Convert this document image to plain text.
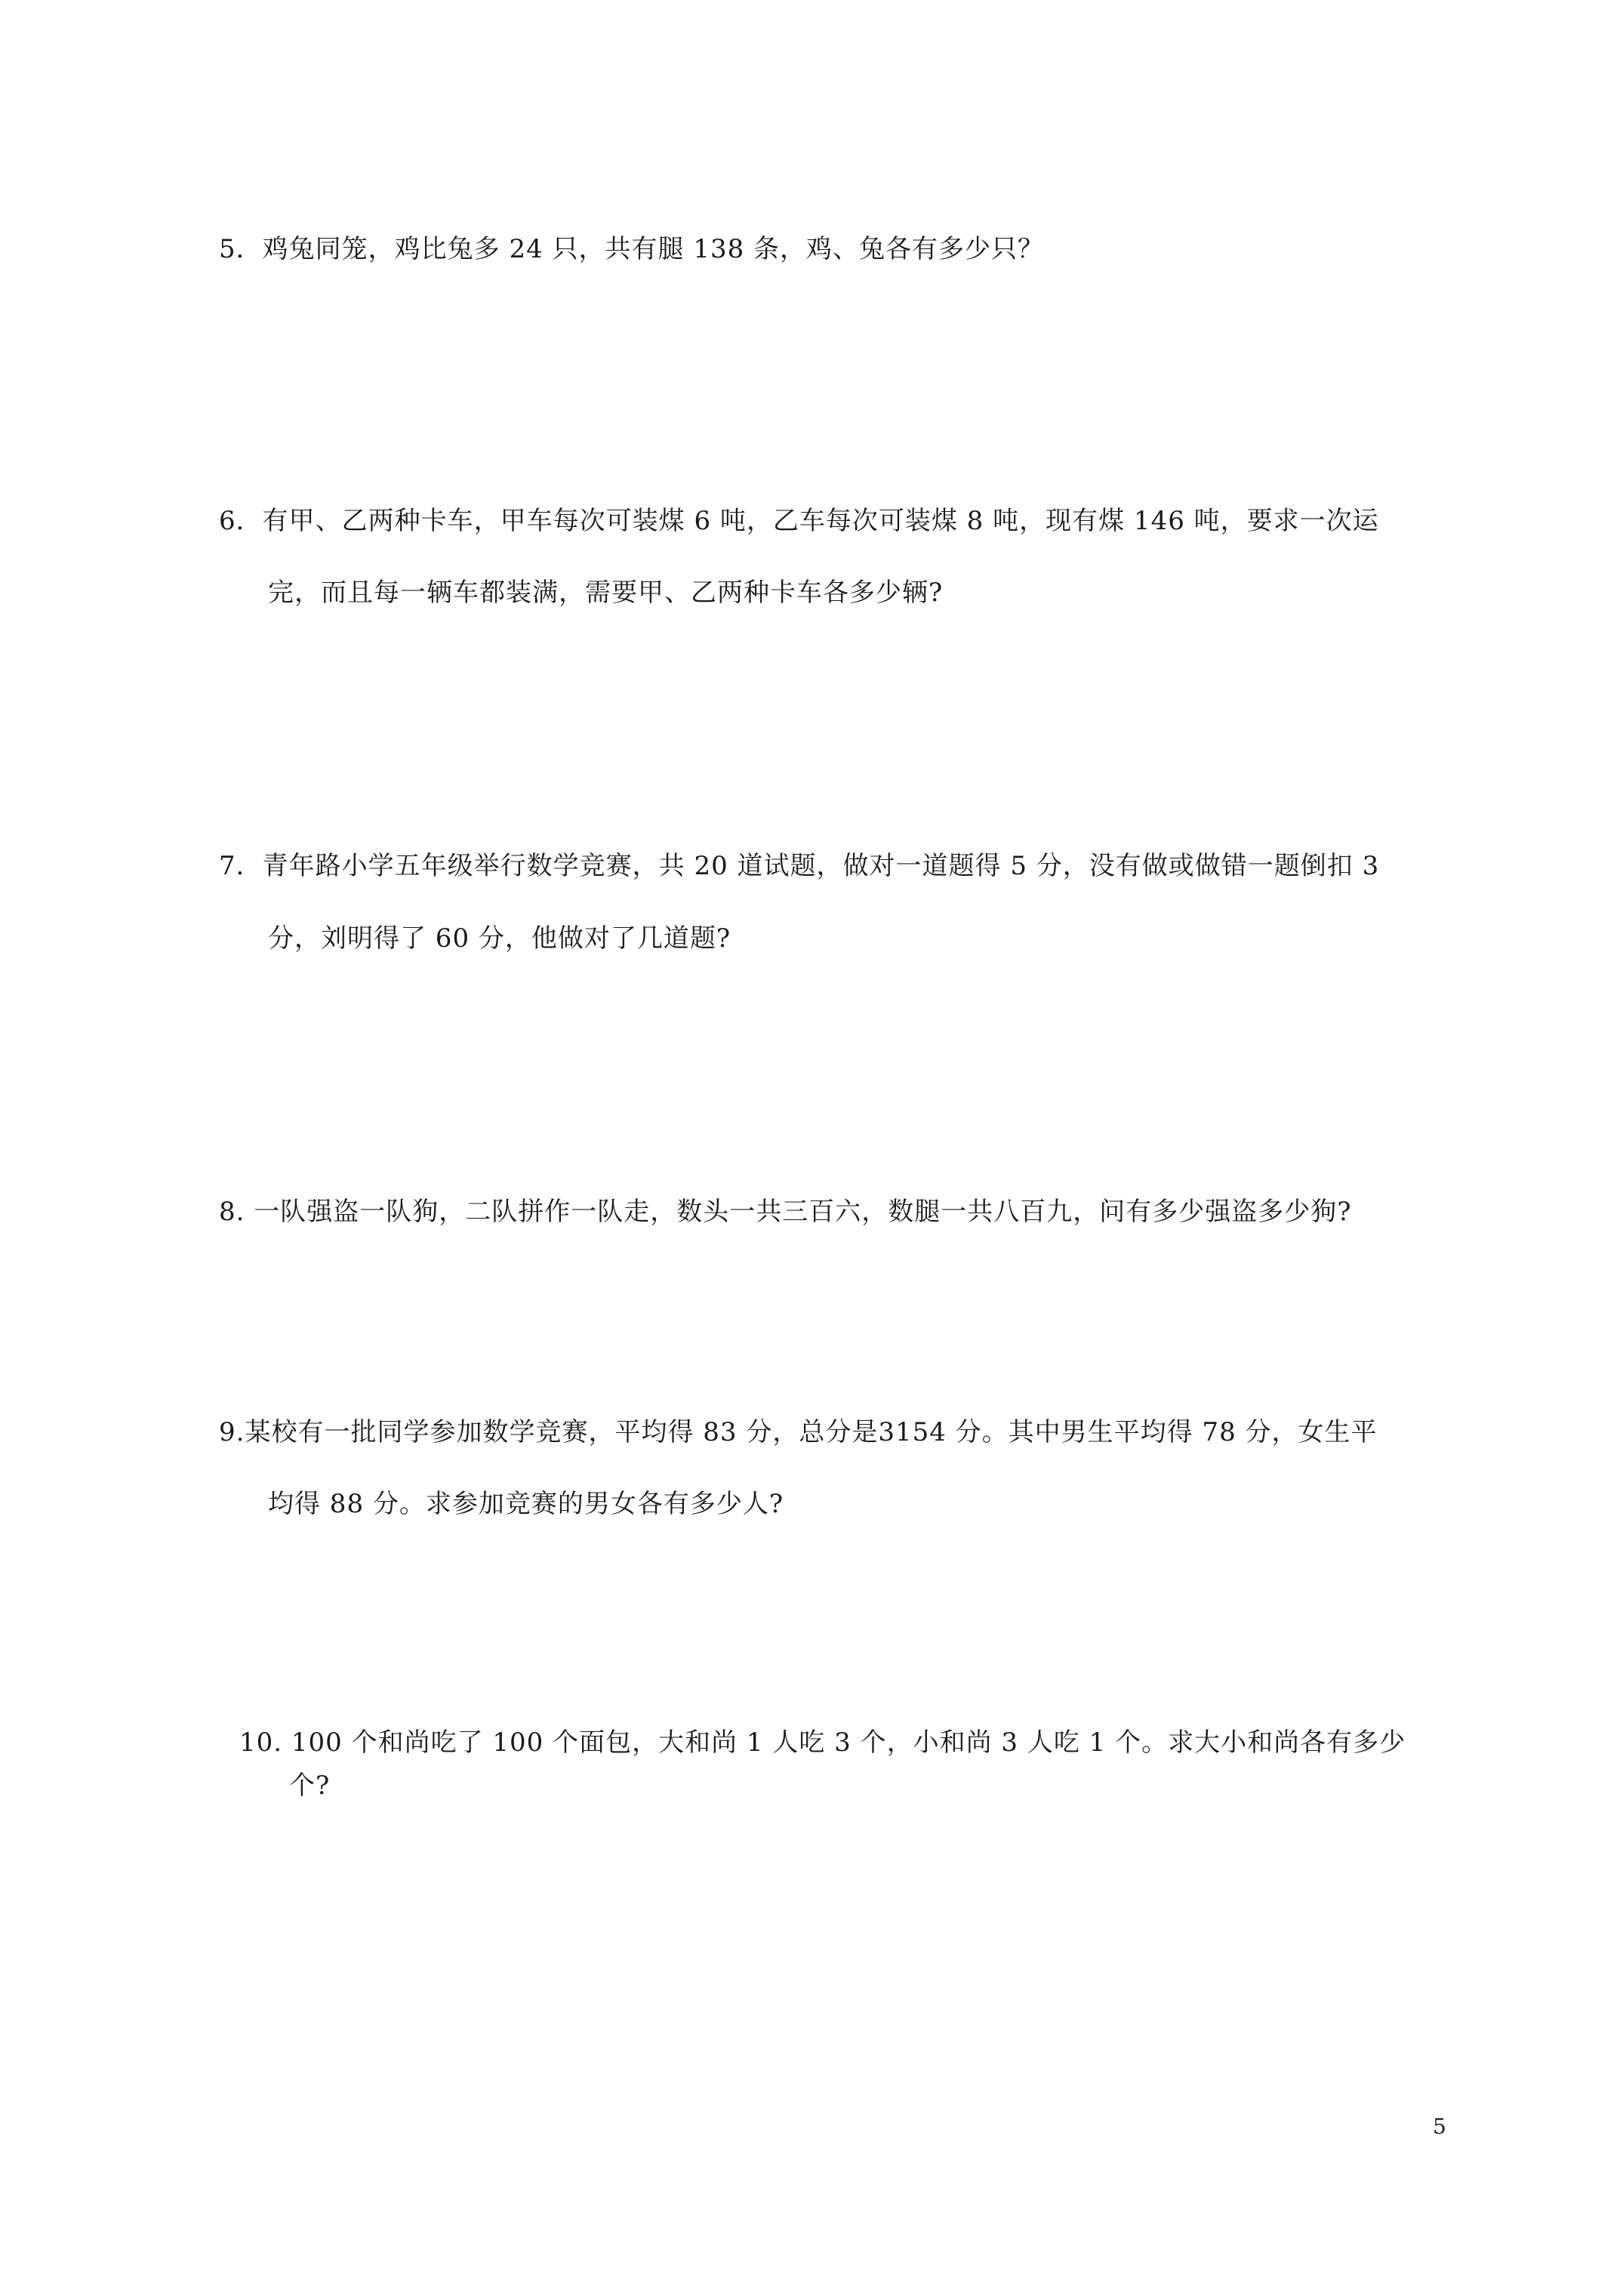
5．鸡兔同笼，鸡比兔多 24 只，共有腿 138 条，鸡、兔各有多少只？
6．有甲、乙两种卡车，甲车每次可装煤 6 吨，乙车每次可装煤 8 吨，现有煤 146 吨，要求一次运
完，而且每一辆车都装满，需要甲、乙两种卡车各多少辆?
7．青年路小学五年级举行数学竞赛，共 20 道试题，做对一道题得 5 分，没有做或做错一题倒扣 3
分，刘明得了 60 分，他做对了几道题?
8. 一队强盗一队狗，二队拼作一队走，数头一共三百六，数腿一共八百九，问有多少强盗多少狗?
9.某校有一批同学参加数学竞赛，平均得 83 分，总分是3154 分。其中男生平均得 78 分，女生平
均得 88 分。求参加竞赛的男女各有多少人?
10. 100 个和尚吃了 100 个面包，大和尚 1 人吃 3 个，小和尚 3 人吃 1 个。求大小和尚各有多少
个?
5
